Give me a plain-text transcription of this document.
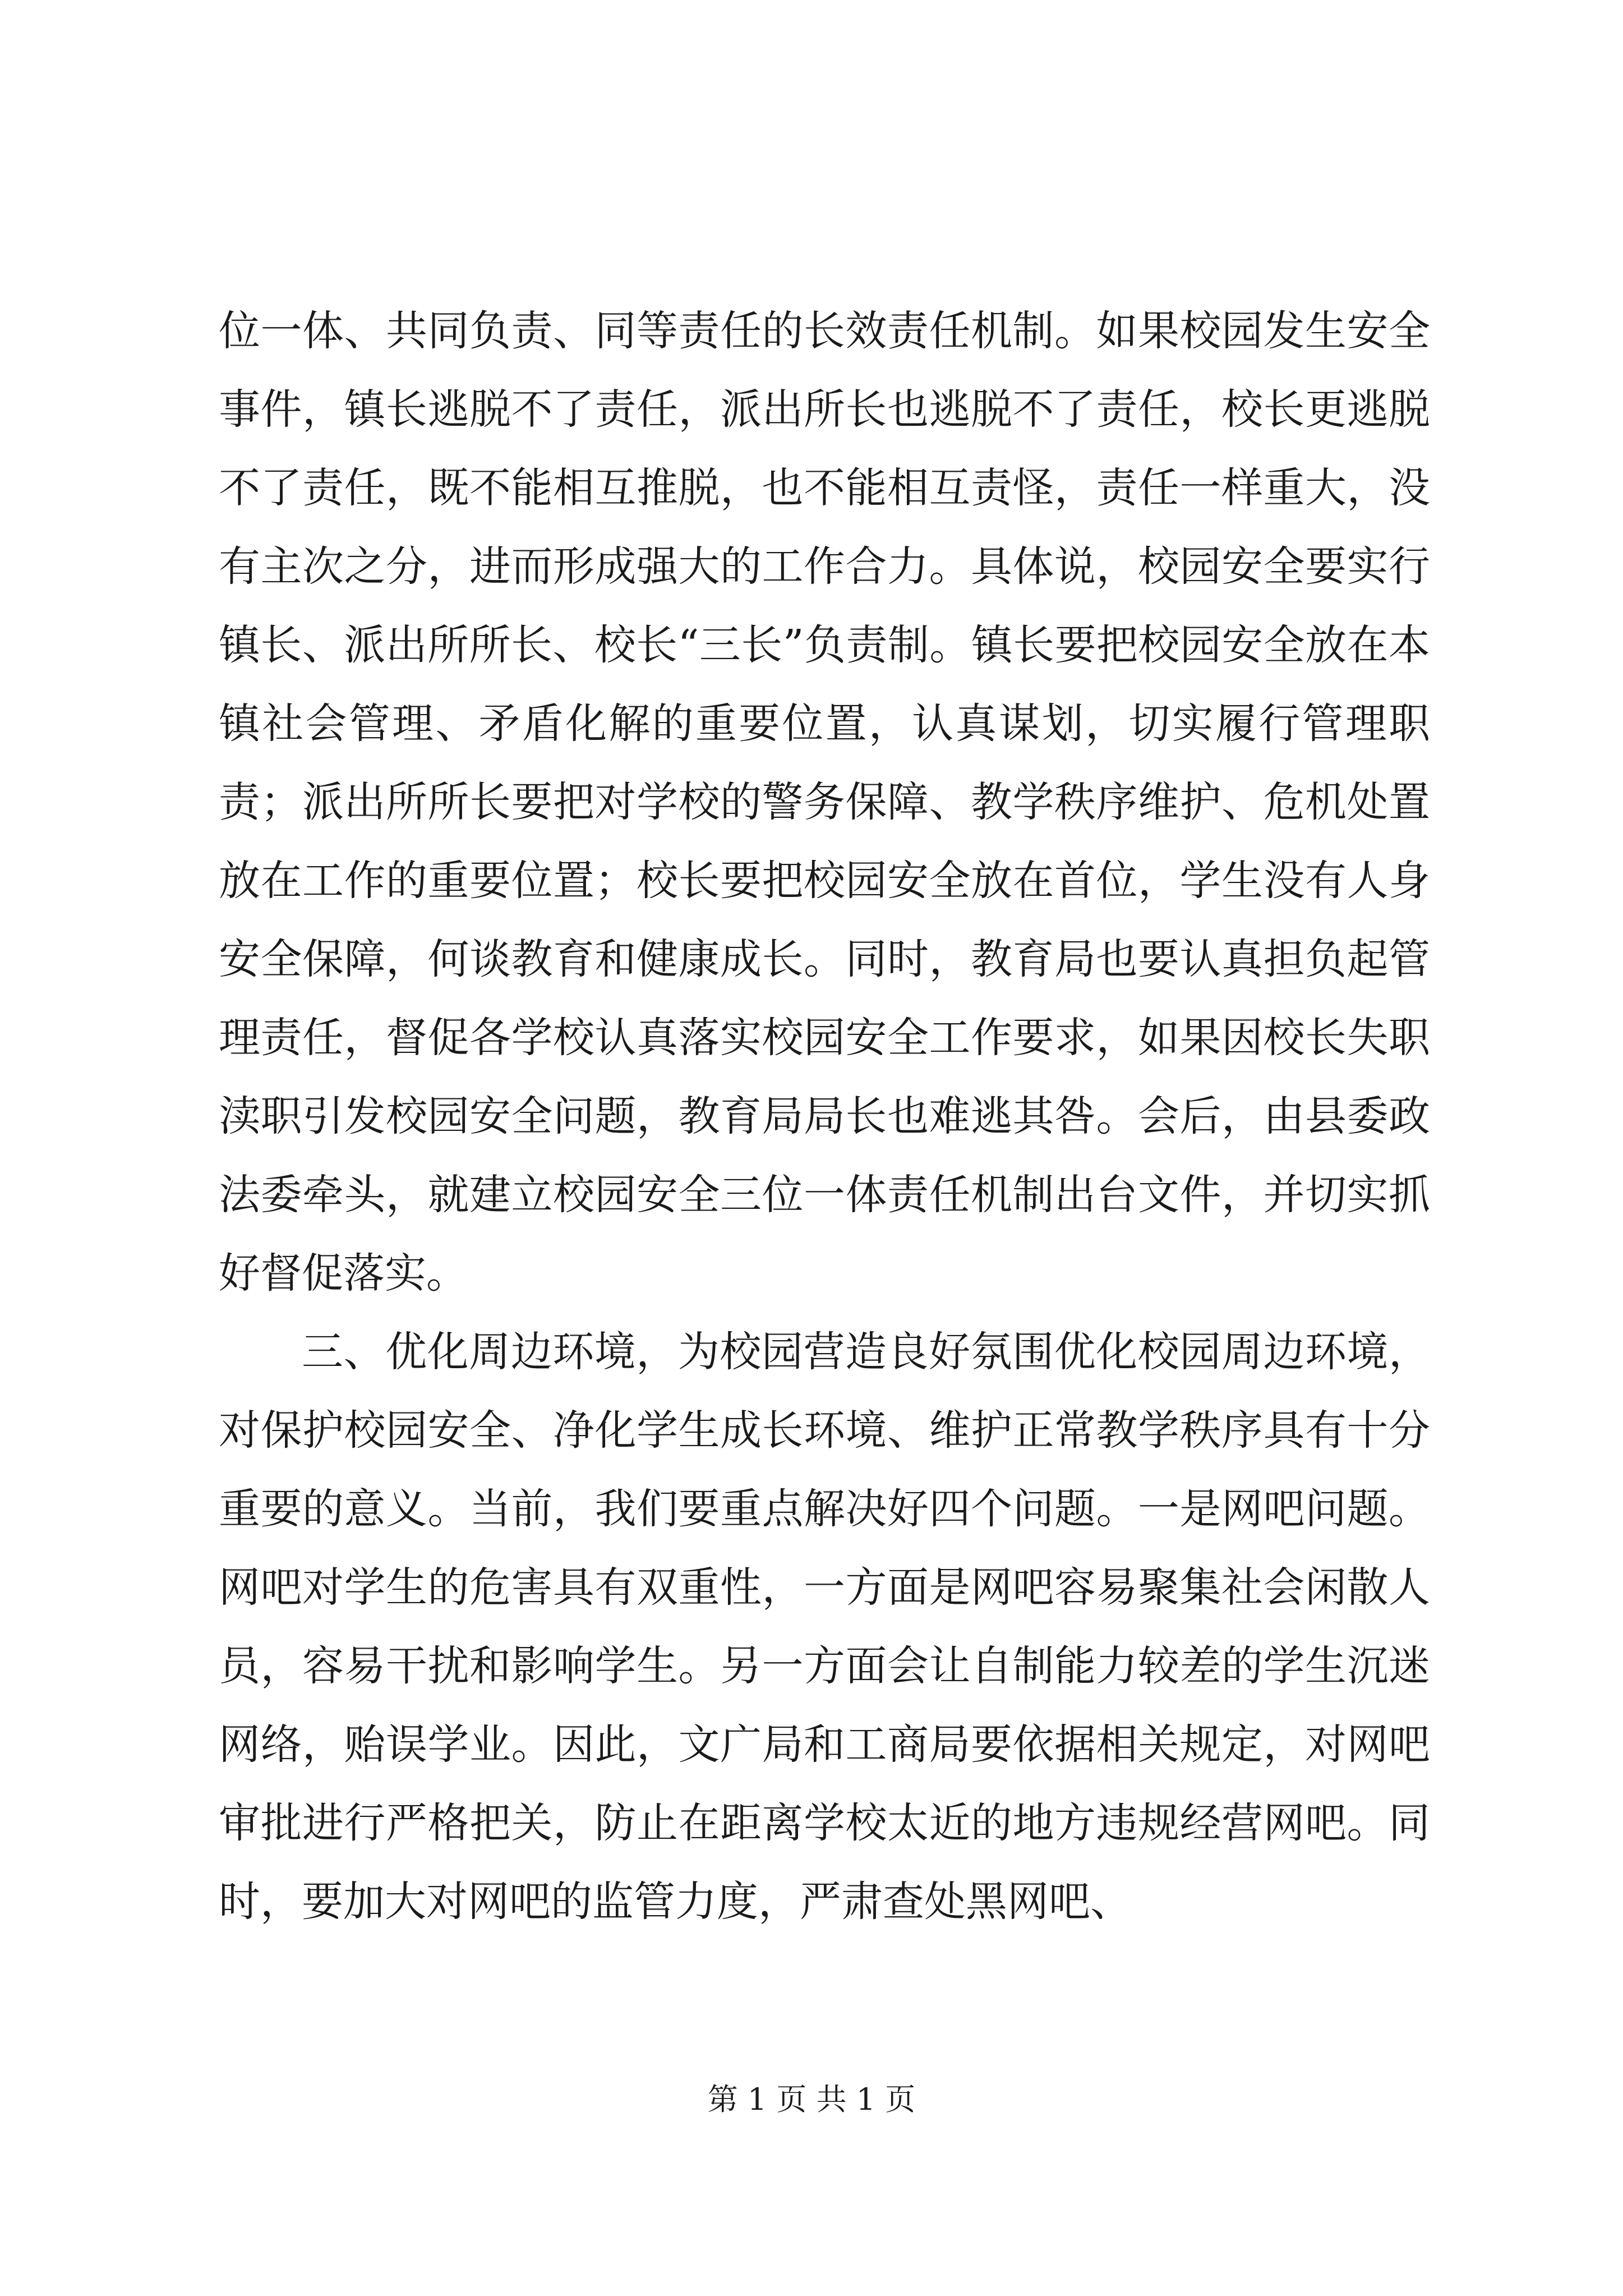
位一体、共同负责、同等责任的长效责任机制。如果校园发生安全事件，镇长逃脱不了责任，派出所长也逃脱不了责任，校长更逃脱不了责任，既不能相互推脱，也不能相互责怪，责任一样重大，没有主次之分，进而形成强大的工作合力。具体说，校园安全要实行镇长、派出所所长、校长“三长”负责制。镇长要把校园安全放在本镇社会管理、矛盾化解的重要位置，认真谋划，切实履行管理职责；派出所所长要把对学校的警务保障、教学秩序维护、危机处置放在工作的重要位置；校长要把校园安全放在首位，学生没有人身安全保障，何谈教育和健康成长。同时，教育局也要认真担负起管理责任，督促各学校认真落实校园安全工作要求，如果因校长失职渎职引发校园安全问题，教育局局长也难逃其咎。会后，由县委政法委牵头，就建立校园安全三位一体责任机制出台文件，并切实抓好督促落实。

三、优化周边环境，为校园营造良好氛围优化校园周边环境，对保护校园安全、净化学生成长环境、维护正常教学秩序具有十分重要的意义。当前，我们要重点解决好四个问题。一是网吧问题。网吧对学生的危害具有双重性，一方面是网吧容易聚集社会闲散人员，容易干扰和影响学生。另一方面会让自制能力较差的学生沉迷网络，贻误学业。因此，文广局和工商局要依据相关规定，对网吧审批进行严格把关，防止在距离学校太近的地方违规经营网吧。同时，要加大对网吧的监管力度，严肃查处黑网吧、

第 1 页 共 1 页
